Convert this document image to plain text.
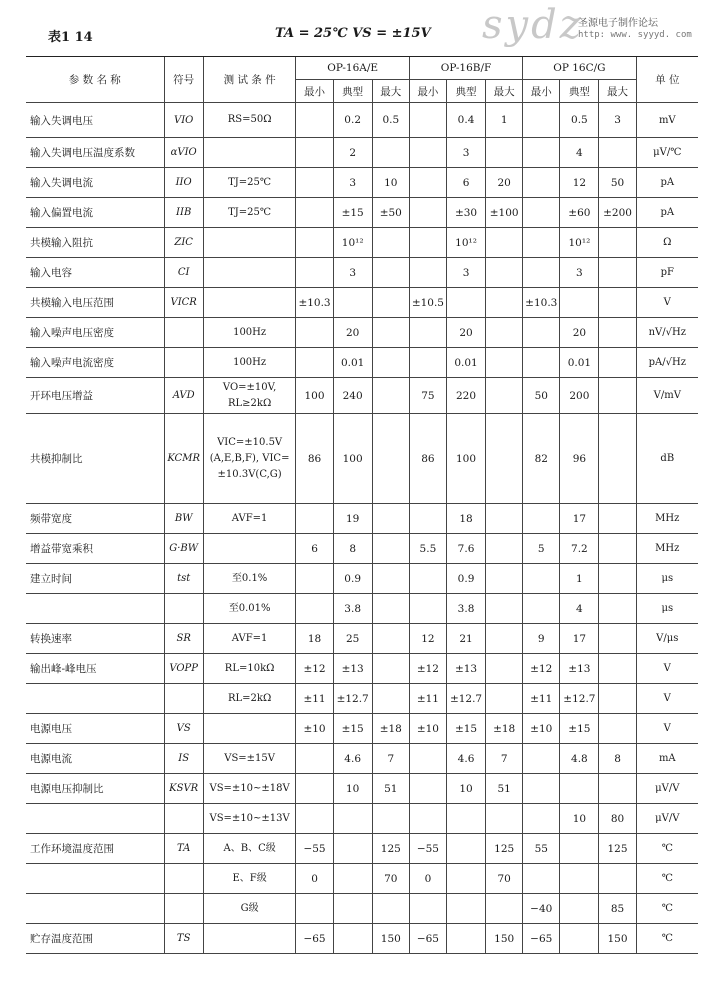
表1 14	TA = 25℃ VS = ±15V sydz
圣源电子制作论坛
http: www. syyyd. com
参 数 名 称	符号	测 试 条 件	OP-16A/E			OP-16B/F			OP 16C/G			单 位
			最小	典型	最大	最小	典型	最大	最小	典型	最大	
输入失调电压	VIO	RS=50Ω		0.2	0.5		0.4	1		0.5	3	mV
输入失调电压温度系数	αVIO			2			3			4		μV/℃
输入失调电流	IIO	TJ=25℃		3	10		6	20		12	50	pA
输入偏置电流	IIB	TJ=25℃		±15	±50		±30	±100		±60	±200	pA
共模输入阻抗	ZIC			10¹²			10¹²			10¹²		Ω
输入电容	CI			3			3			3		pF
共模输入电压范围	VICR		±10.3			±10.5			±10.3			V
输入噪声电压密度		100Hz		20			20			20		nV/√Hz
输入噪声电流密度		100Hz		0.01			0.01			0.01		pA/√Hz
开环电压增益	AVD	VO=±10V, RL≥2kΩ	100	240		75	220		50	200		V/mV
共模抑制比	KCMR	VIC=±10.5V (A,E,B,F), VIC= ±10.3V(C,G)	86	100		86	100		82	96		dB
频带宽度	BW	AVF=1		19			18			17		MHz
增益带宽乘积	G·BW		6	8		5.5	7.6		5	7.2		MHz
建立时间	tst	至0.1%		0.9			0.9			1		μs
		至0.01%		3.8			3.8			4		μs
转换速率	SR	AVF=1	18	25		12	21		9	17		V/μs
输出峰-峰电压	VOPP	RL=10kΩ	±12	±13		±12	±13		±12	±13		V
		RL=2kΩ	±11	±12.7		±11	±12.7		±11	±12.7		V
电源电压	VS		±10	±15	±18	±10	±15	±18	±10	±15		V
电源电流	IS	VS=±15V		4.6	7		4.6	7		4.8	8	mA
电源电压抑制比	KSVR	VS=±10~±18V		10	51		10	51				μV/V
		VS=±10~±13V								10	80	μV/V
工作环境温度范围	TA	A、B、C级	−55		125	−55		125	55		125	℃
		E、F级	0		70	0		70				℃
		G级							−40		85	℃
贮存温度范围	TS		−65		150	−65		150	−65		150	℃
